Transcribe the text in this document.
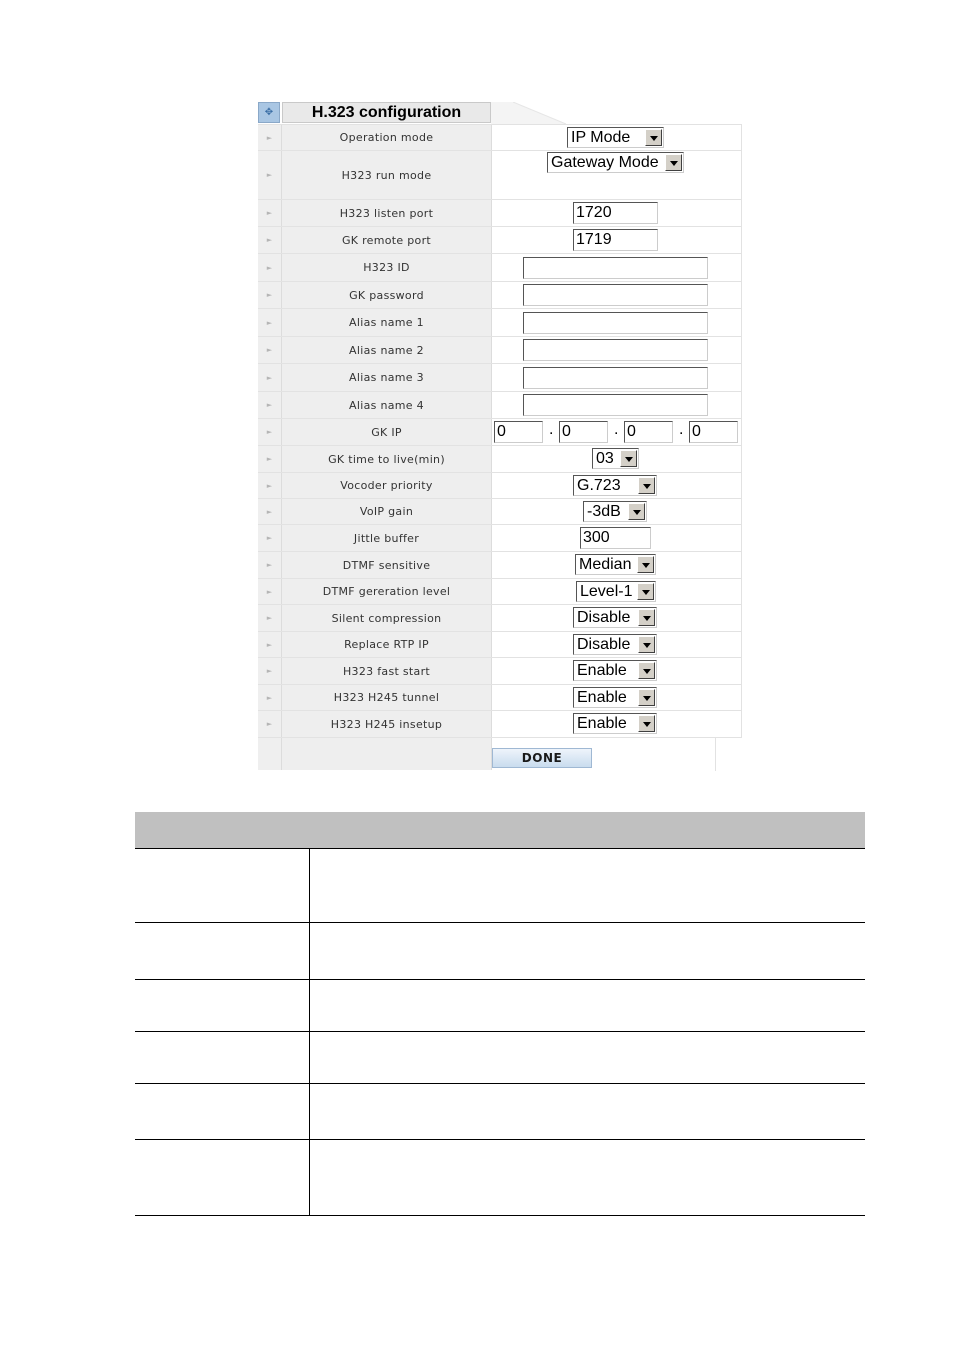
✥	H.323 configuration
►	Operation mode	IP Mode
►	H323 run mode
Gateway Mode
►	H323 listen port	1720
►	GK remote port	1719
►	H323 ID
►	GK password
►	Alias name 1
►	Alias name 2
►	Alias name 3
►	Alias name 4
►	GK IP	0	. 0	. 0	. 0
►	GK time to live(min)	03
►	Vocoder priority	G.723
►	VoIP gain	-3dB
►	Jittle buffer	300
►	DTMF sensitive	Median
►	DTMF gereration level	Level-1
►	Silent compression	Disable
►	Replace RTP IP	Disable
►	H323 fast start	Enable
►	H323 H245 tunnel	Enable
►	H323 H245 insetup	Enable
DONE
